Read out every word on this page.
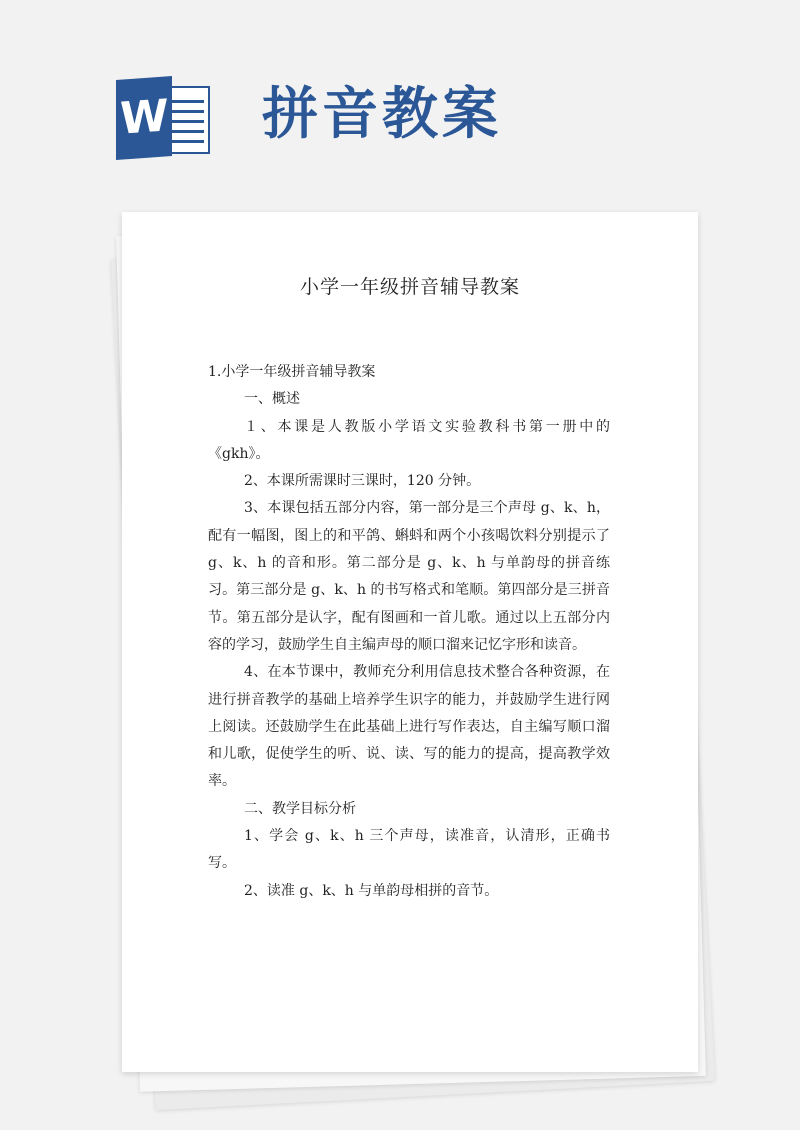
W 拼音教案
小学一年级拼音辅导教案

1.小学一年级拼音辅导教案

一、概述

１、本课是人教版小学语文实验教科书第一册中的《gkh》。

2、本课所需课时三课时，120 分钟。

3、本课包括五部分内容，第一部分是三个声母 g、k、h，配有一幅图，图上的和平鸽、蝌蚪和两个小孩喝饮料分别提示了g、k、h 的音和形。第二部分是 g、k、h 与单韵母的拼音练习。第三部分是 g、k、h 的书写格式和笔顺。第四部分是三拼音节。第五部分是认字，配有图画和一首儿歌。通过以上五部分内容的学习，鼓励学生自主编声母的顺口溜来记忆字形和读音。

4、在本节课中，教师充分利用信息技术整合各种资源，在进行拼音教学的基础上培养学生识字的能力，并鼓励学生进行网上阅读。还鼓励学生在此基础上进行写作表达，自主编写顺口溜和儿歌，促使学生的听、说、读、写的能力的提高，提高教学效率。

二、教学目标分析

1、学会 g、k、h 三个声母，读准音，认清形，正确书写。

2、读准 g、k、h 与单韵母相拼的音节。
